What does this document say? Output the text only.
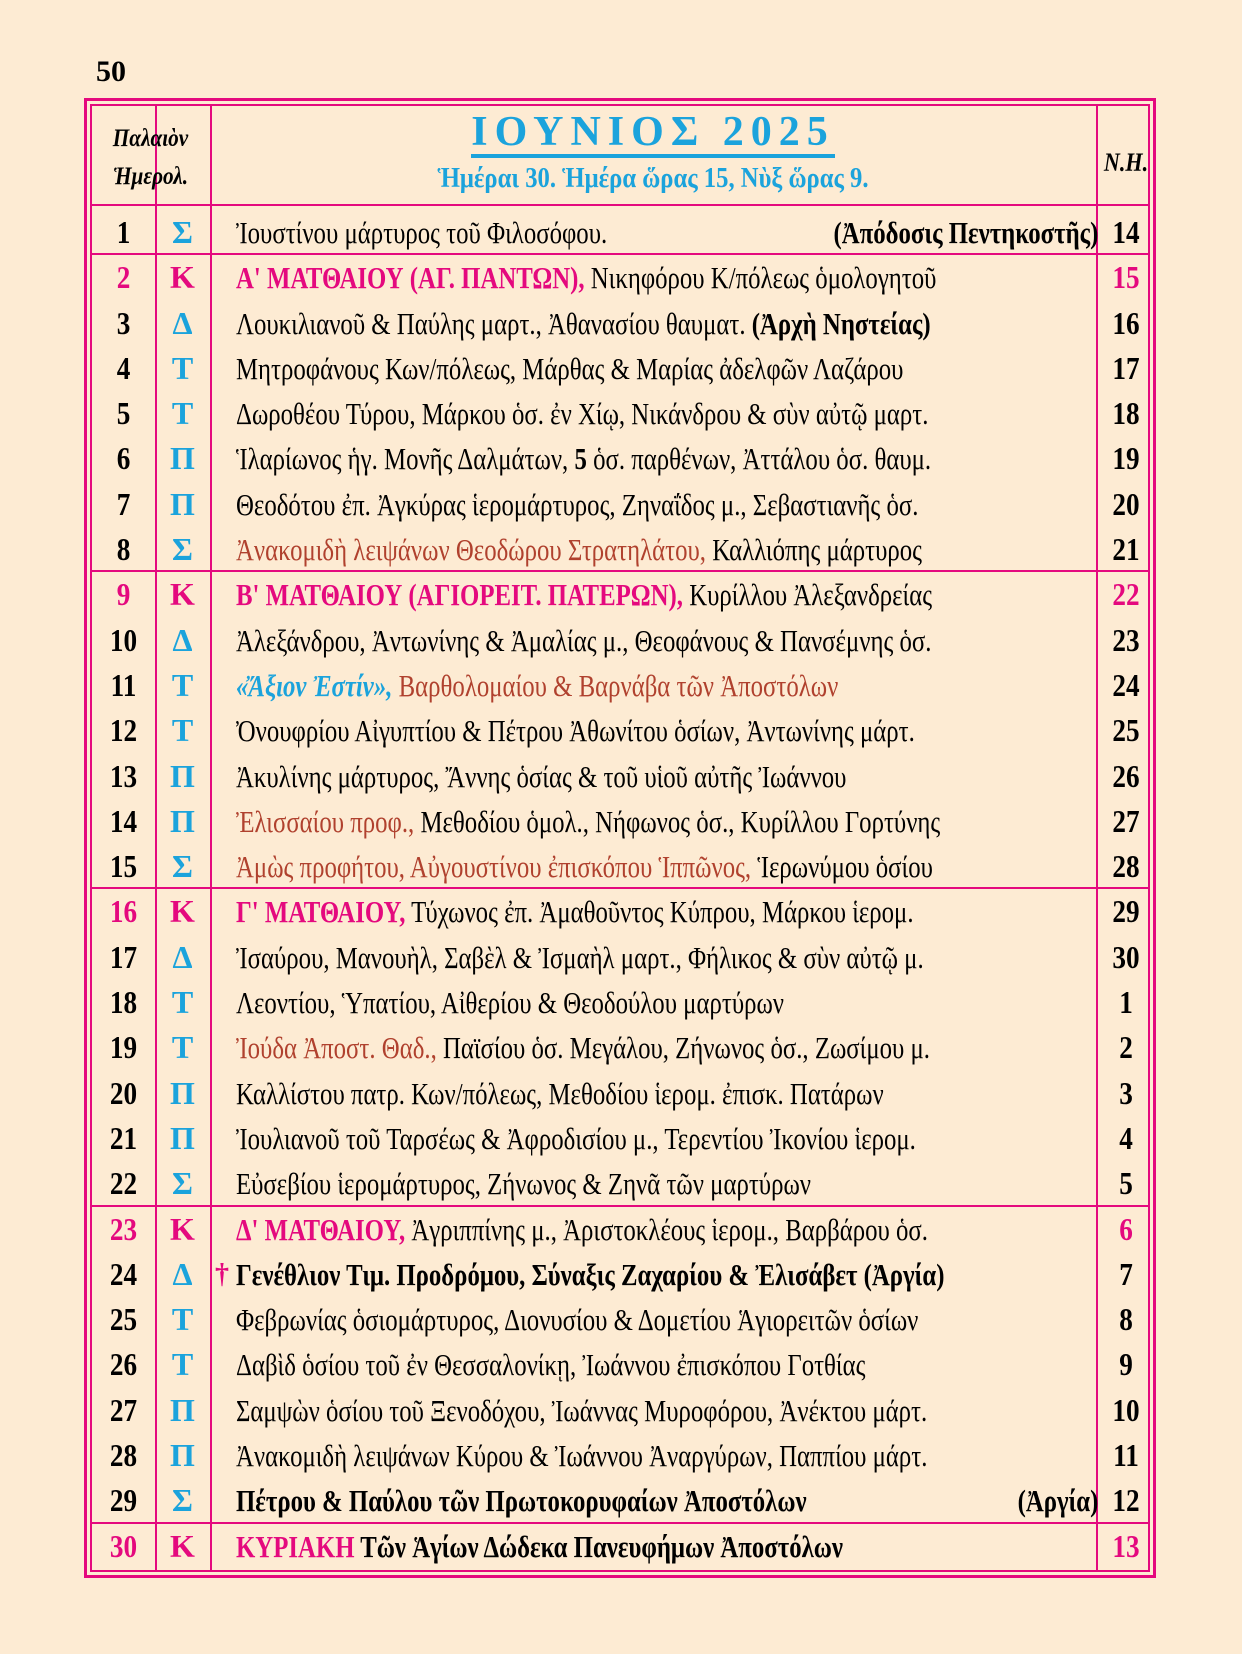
50
Παλαιὸν
Ἡμερολ.
ΙΟΥΝΙΟΣ 2025
Ἡμέραι 30. Ἡμέρα ὥρας 15, Νὺξ ὥρας 9.	Ν.Η.
1	Σ	Ἰουστίνου μάρτυρος τοῦ Φιλοσόφου.	(Ἀπόδοσις Πεντηκοστῆς) 14
2	Κ	Α' ΜΑΤΘΑΙΟΥ (ΑΓ. ΠΑΝΤΩΝ), Νικηφόρου Κ/πόλεως ὁμολογητοῦ	15
3	Δ	Λουκιλιανοῦ & Παύλης μαρτ., Ἀθανασίου θαυματ. (Ἀρχὴ Νηστείας)	16
4	Τ	Μητροφάνους Κων/πόλεως, Μάρθας & Μαρίας ἀδελφῶν Λαζάρου	17
5	Τ	Δωροθέου Τύρου, Μάρκου ὁσ. ἐν Χίῳ, Νικάνδρου & σὺν αὐτῷ μαρτ.	18
6	Π	Ἱλαρίωνος ἡγ. Μονῆς Δαλμάτων, 5 ὁσ. παρθένων, Ἀττάλου ὁσ. θαυμ.	19
7	Π	Θεοδότου ἐπ. Ἀγκύρας ἱερομάρτυρος, Ζηναΐδος μ., Σεβαστιανῆς ὁσ.	20
8	Σ	Ἀνακομιδὴ λειψάνων Θεοδώρου Στρατηλάτου, Καλλιόπης μάρτυρος	21
9	Κ	Β' ΜΑΤΘΑΙΟΥ (ΑΓΙΟΡΕΙΤ. ΠΑΤΕΡΩΝ), Κυρίλλου Ἀλεξανδρείας	22
10	Δ	Ἀλεξάνδρου, Ἀντωνίνης & Ἀμαλίας μ., Θεοφάνους & Πανσέμνης ὁσ.	23
11	Τ	«Ἄξιον Ἐστίν», Βαρθολομαίου & Βαρνάβα τῶν Ἀποστόλων	24
12	Τ	Ὀνουφρίου Αἰγυπτίου & Πέτρου Ἀθωνίτου ὁσίων, Ἀντωνίνης μάρτ.	25
13	Π	Ἀκυλίνης μάρτυρος, Ἄννης ὁσίας & τοῦ υἱοῦ αὐτῆς Ἰωάννου	26
14	Π	Ἐλισσαίου προφ., Μεθοδίου ὁμολ., Νήφωνος ὁσ., Κυρίλλου Γορτύνης	27
15	Σ	Ἀμὼς προφήτου, Αὐγουστίνου ἐπισκόπου Ἱππῶνος, Ἱερωνύμου ὁσίου	28
16	Κ	Γ' ΜΑΤΘΑΙΟΥ, Τύχωνος ἐπ. Ἀμαθοῦντος Κύπρου, Μάρκου ἱερομ.	29
17	Δ	Ἰσαύρου, Μανουὴλ, Σαβὲλ & Ἰσμαὴλ μαρτ., Φήλικος & σὺν αὐτῷ μ.	30
18	Τ	Λεοντίου, Ὑπατίου, Αἰθερίου & Θεοδούλου μαρτύρων	1
19	Τ	Ἰούδα Ἀποστ. Θαδ., Παϊσίου ὁσ. Μεγάλου, Ζήνωνος ὁσ., Ζωσίμου μ.	2
20	Π	Καλλίστου πατρ. Κων/πόλεως, Μεθοδίου ἱερομ. ἐπισκ. Πατάρων	3
21	Π	Ἰουλιανοῦ τοῦ Ταρσέως & Ἀφροδισίου μ., Τερεντίου Ἰκονίου ἱερομ.	4
22	Σ	Εὐσεβίου ἱερομάρτυρος, Ζήνωνος & Ζηνᾶ τῶν μαρτύρων	5
23	Κ	Δ' ΜΑΤΘΑΙΟΥ, Ἀγριππίνης μ., Ἀριστοκλέους ἱερομ., Βαρβάρου ὁσ.	6
24	Δ † Γενέθλιον Τιμ. Προδρόμου, Σύναξις Ζαχαρίου & Ἐλισάβετ (Ἀργία)	7
25	Τ	Φεβρωνίας ὁσιομάρτυρος, Διονυσίου & Δομετίου Ἁγιορειτῶν ὁσίων	8
26	Τ	Δαβὶδ ὁσίου τοῦ ἐν Θεσσαλονίκῃ, Ἰωάννου ἐπισκόπου Γοτθίας	9
27	Π	Σαμψὼν ὁσίου τοῦ Ξενοδόχου, Ἰωάννας Μυροφόρου, Ἀνέκτου μάρτ.	10
28	Π	Ἀνακομιδὴ λειψάνων Κύρου & Ἰωάννου Ἀναργύρων, Παππίου μάρτ.	11
29	Σ	Πέτρου & Παύλου τῶν Πρωτοκορυφαίων Ἀποστόλων	(Ἀργία) 12
30	Κ	ΚΥΡΙΑΚΗ Τῶν Ἁγίων Δώδεκα Πανευφήμων Ἀποστόλων	13
